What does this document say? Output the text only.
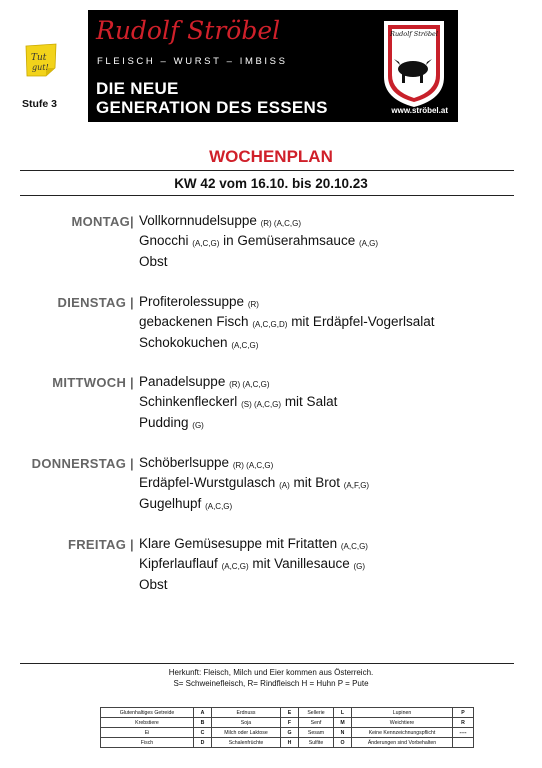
Tut
gut!
Stufe 3
Rudolf Ströbel
FLEISCH – WURST – IMBISS
DIE NEUE
GENERATION DES ESSENS	www.ströbel.at
Rudolf Ströbel
WOCHENPLAN
KW 42 vom 16.10. bis 20.10.23
MONTAG| Vollkornnudelsuppe (R) (A,C,G)
Gnocchi (A,C,G) in Gemüserahmsauce (A,G)
Obst
DIENSTAG | Profiterolessuppe (R)
gebackenen Fisch (A,C,G,D) mit Erdäpfel-Vogerlsalat
Schokokuchen (A,C,G)
MITTWOCH | Panadelsuppe (R) (A,C,G)
Schinkenfleckerl (S) (A,C,G) mit Salat
Pudding (G)
DONNERSTAG | Schöberlsuppe (R) (A,C,G)
Erdäpfel-Wurstgulasch (A) mit Brot (A,F,G)
Gugelhupf (A,C,G)
FREITAG | Klare Gemüsesuppe mit Fritatten (A,C,G)
Kipferlauflauf (A,C,G) mit Vanillesauce (G)
Obst
Herkunft: Fleisch, Milch und Eier kommen aus Österreich.
S= Schweinefleisch, R= Rindfleisch H = Huhn P = Pute
Glutenhaltiges Getreide	A	Erdnuss	E	Sellerie	L	Lupinen	P
Krebstiere	B	Soja	F	Senf	M	Weichtiere	R
Ei	C	Milch oder Laktose	G	Sesam	N	Keine Kennzeichnungspflicht	----
Fisch	D	Schalenfrüchte	H	Sulfite	O	Änderungen sind Vorbehalten	
